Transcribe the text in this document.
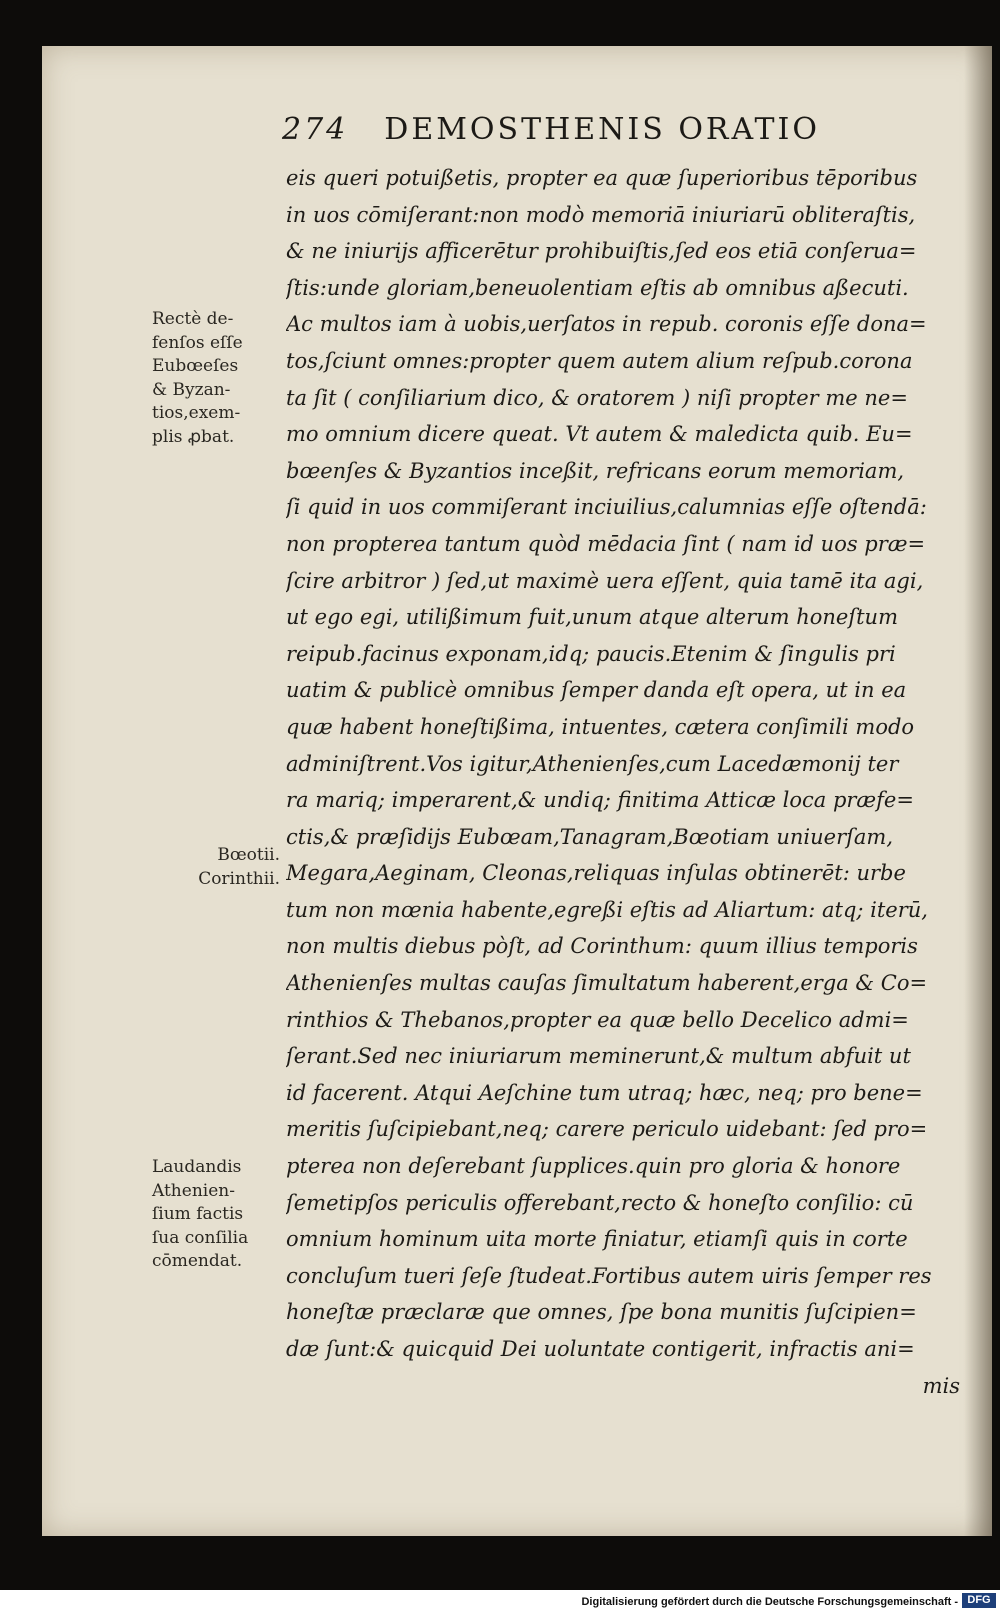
274 DEMOSTHENIS ORATIO
Rectè de-
fenſos eſſe
Eubœeſes
& Byzan-
tios,exem-
plis ꝓbat.
Bœotii.
Corinthii.
Laudandis
Athenien-
ſium factis
ſua conſilia
cōmendat.
eis queri potuißetis, propter ea quæ ſuperioribus tēporibus
in uos cōmiſerant:non modò memoriā iniuriarū obliteraſtis,
& ne iniurijs afficerētur prohibuiſtis,ſed eos etiā conſerua=
ſtis:unde gloriam,beneuolentiam eſtis ab omnibus aßecuti.
Ac multos iam à uobis,uerſatos in repub. coronis eſſe dona=
tos,ſciunt omnes:propter quem autem alium reſpub.corona
ta ſit ( conſiliarium dico, & oratorem ) niſi propter me ne=
mo omnium dicere queat. Vt autem & maledicta quib. Eu=
bœenſes & Byzantios inceßit, refricans eorum memoriam,
ſi quid in uos commiſerant inciuilius,calumnias eſſe oſtendā:
non propterea tantum quòd mēdacia ſint ( nam id uos præ=
ſcire arbitror ) ſed,ut maximè uera eſſent, quia tamē ita agi,
ut ego egi, utilißimum fuit,unum atque alterum honeſtum
reipub.facinus exponam,idq; paucis.Etenim & ſingulis pri
uatim & publicè omnibus ſemper danda eſt opera, ut in ea
quæ habent honeſtißima, intuentes, cætera conſimili modo
adminiſtrent.Vos igitur,Athenienſes,cum Lacedæmonij ter
ra mariq; imperarent,& undiq; finitima Atticæ loca præfe=
ctis,& præſidijs Eubœam,Tanagram,Bœotiam uniuerſam,
Megara,Aeginam, Cleonas,reliquas inſulas obtinerēt: urbe
tum non mœnia habente,egreßi eſtis ad Aliartum: atq; iterū,
non multis diebus pòſt, ad Corinthum: quum illius temporis
Athenienſes multas cauſas ſimultatum haberent,erga & Co=
rinthios & Thebanos,propter ea quæ bello Decelico admi=
ſerant.Sed nec iniuriarum meminerunt,& multum abfuit ut
id facerent. Atqui Aeſchine tum utraq; hæc, neq; pro bene=
meritis ſuſcipiebant,neq; carere periculo uidebant: ſed pro=
pterea non deſerebant ſupplices.quin pro gloria & honore
ſemetipſos periculis offerebant,recto & honeſto conſilio: cū
omnium hominum uita morte finiatur, etiamſi quis in corte
concluſum tueri ſeſe ſtudeat.Fortibus autem uiris ſemper res
honeſtæ præclaræ que omnes, ſpe bona munitis ſuſcipien=
dæ ſunt:& quicquid Dei uoluntate contigerit, infractis ani=
mis
Digitalisierung gefördert durch die Deutsche Forschungsgemeinschaft - DFG
